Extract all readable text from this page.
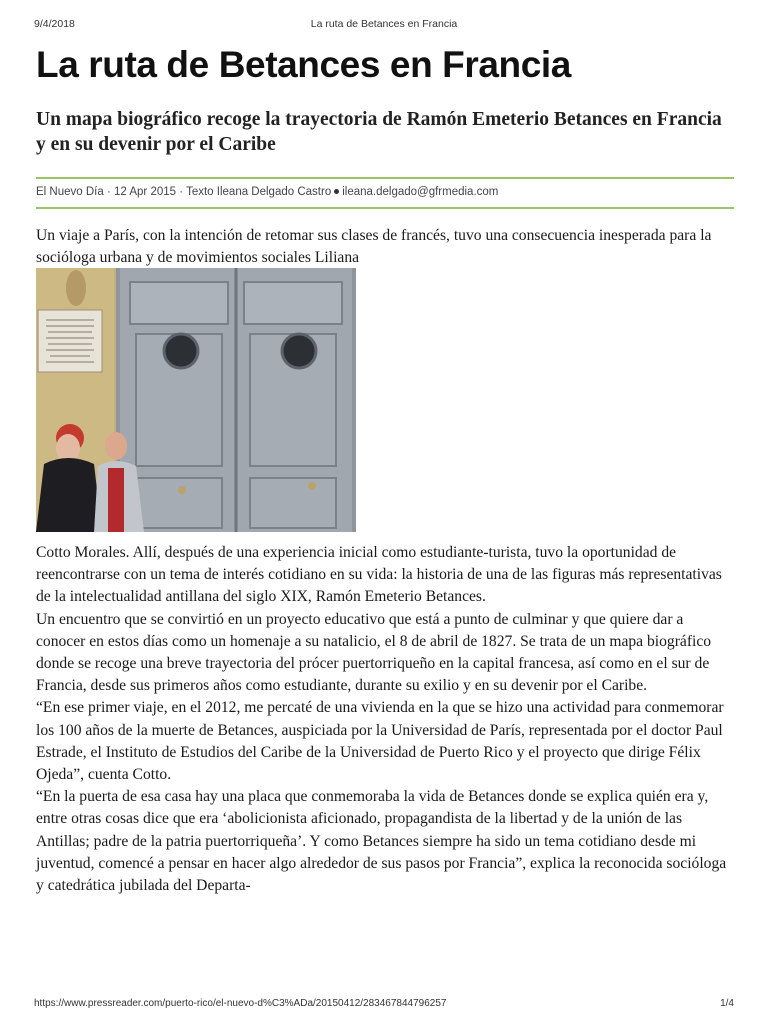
9/4/2018	La ruta de Betances en Francia
La ruta de Betances en Francia
Un mapa biográfico recoge la trayectoria de Ramón Emeterio Betances en Francia y en su devenir por el Caribe
El Nuevo Día · 12 Apr 2015 · Texto Ileana Delgado Castro ileana.delgado@gfrmedia.com

Un viaje a París, con la intención de retomar sus clases de francés, tuvo una consecuencia inesperada para la socióloga urbana y de movimientos sociales Liliana

Cotto Morales. Allí, después de una experiencia inicial como estudiante-turista, tuvo la oportunidad de reencontrarse con un tema de interés cotidiano en su vida: la historia de una de las figuras más representativas de la intelectualidad antillana del siglo XIX, Ramón Emeterio Betances.

Un encuentro que se convirtió en un proyecto educativo que está a punto de culminar y que quiere dar a conocer en estos días como un homenaje a su natalicio, el 8 de abril de 1827. Se trata de un mapa biográfico donde se recoge una breve trayectoria del prócer puertorriqueño en la capital francesa, así como en el sur de Francia, desde sus primeros años como estudiante, durante su exilio y en su devenir por el Caribe.

“En ese primer viaje, en el 2012, me percaté de una vivienda en la que se hizo una actividad para conmemorar los 100 años de la muerte de Betances, auspiciada por la Universidad de París, representada por el doctor Paul Estrade, el Instituto de Estudios del Caribe de la Universidad de Puerto Rico y el proyecto que dirige Félix Ojeda”, cuenta Cotto.

“En la puerta de esa casa hay una placa que conmemoraba la vida de Betances donde se explica quién era y, entre otras cosas dice que era ‘abolicionista aficionado, propagandista de la libertad y de la unión de las Antillas; padre de la patria puertorriqueña’. Y como Betances siempre ha sido un tema cotidiano desde mi juventud, comencé a pensar en hacer algo alrededor de sus pasos por Francia”, explica la reconocida socióloga y catedrática jubilada del Departa-

https://www.pressreader.com/puerto-rico/el-nuevo-d%C3%ADa/20150412/283467844796257	1/4
